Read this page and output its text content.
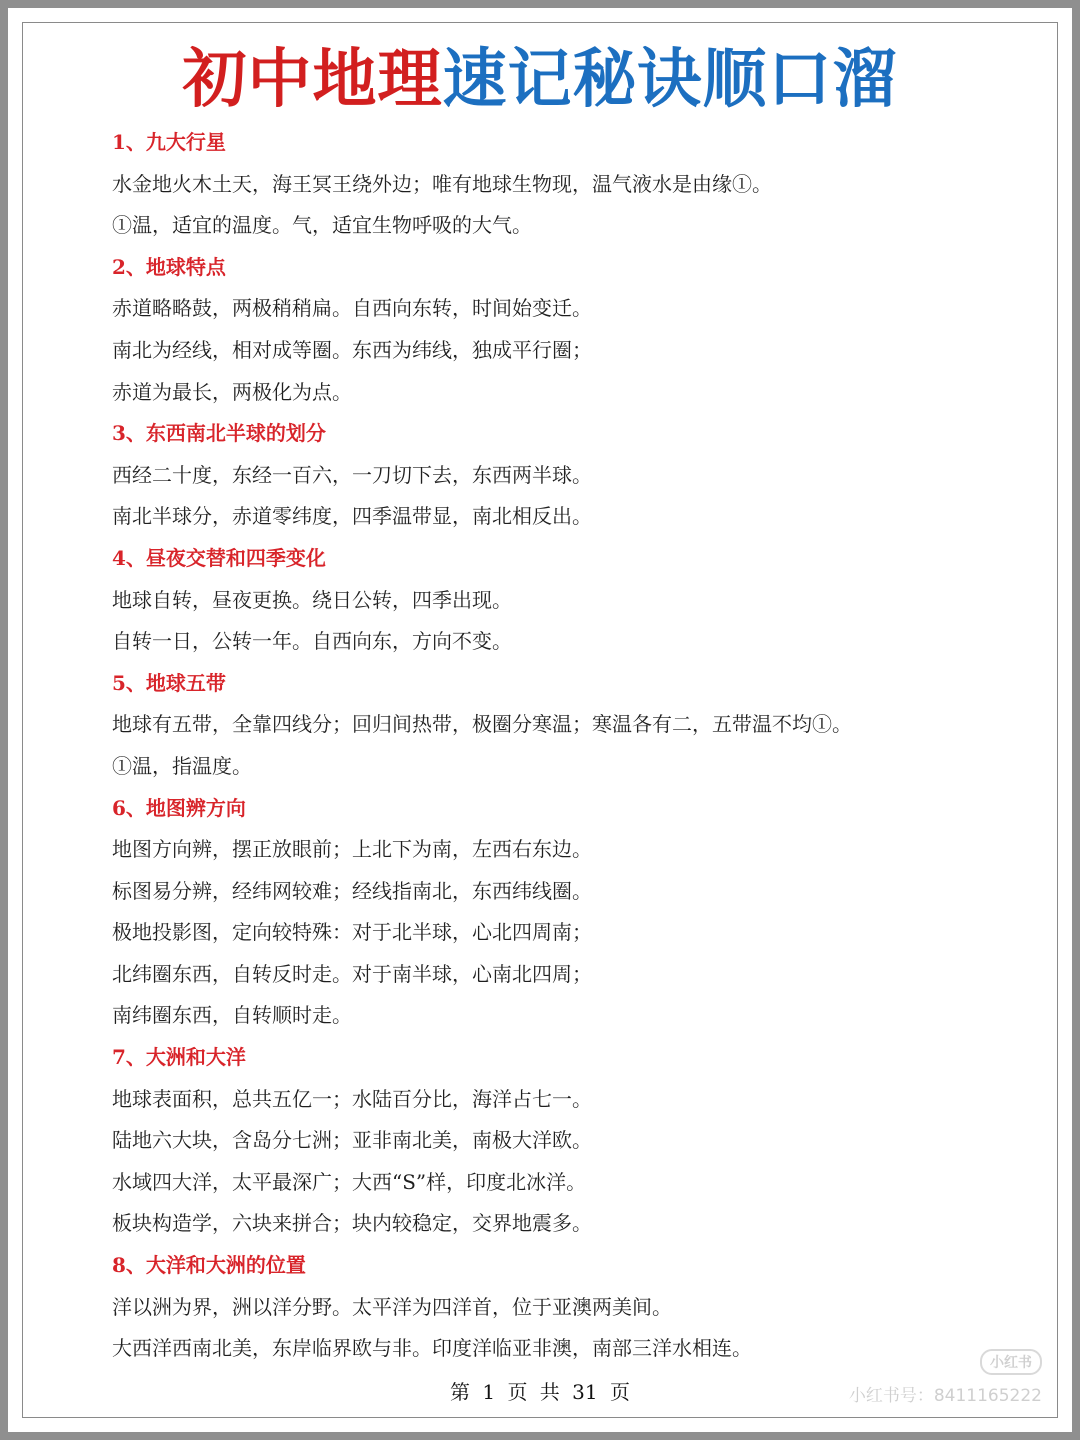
初中地理速记秘诀顺口溜
1、九大行星
水金地火木土天，海王冥王绕外边；唯有地球生物现，温气液水是由缘①。
①温，适宜的温度。气，适宜生物呼吸的大气。
2、地球特点
赤道略略鼓，两极稍稍扁。自西向东转，时间始变迁。
南北为经线，相对成等圈。东西为纬线，独成平行圈；
赤道为最长，两极化为点。
3、东西南北半球的划分
西经二十度，东经一百六，一刀切下去，东西两半球。
南北半球分，赤道零纬度，四季温带显，南北相反出。
4、昼夜交替和四季变化
地球自转，昼夜更换。绕日公转，四季出现。
自转一日，公转一年。自西向东，方向不变。
5、地球五带
地球有五带，全靠四线分；回归间热带，极圈分寒温；寒温各有二，五带温不均①。
①温，指温度。
6、地图辨方向
地图方向辨，摆正放眼前；上北下为南，左西右东边。
标图易分辨，经纬网较难；经线指南北，东西纬线圈。
极地投影图，定向较特殊：对于北半球，心北四周南；
北纬圈东西，自转反时走。对于南半球，心南北四周；
南纬圈东西，自转顺时走。
7、大洲和大洋
地球表面积，总共五亿一；水陆百分比，海洋占七一。
陆地六大块，含岛分七洲；亚非南北美，南极大洋欧。
水域四大洋，太平最深广；大西“S”样，印度北冰洋。
板块构造学，六块来拼合；块内较稳定，交界地震多。
8、大洋和大洲的位置
洋以洲为界，洲以洋分野。太平洋为四洋首，位于亚澳两美间。
大西洋西南北美，东岸临界欧与非。印度洋临亚非澳，南部三洋水相连。
第 1 页 共 31 页
小红书
小红书号：8411165222
